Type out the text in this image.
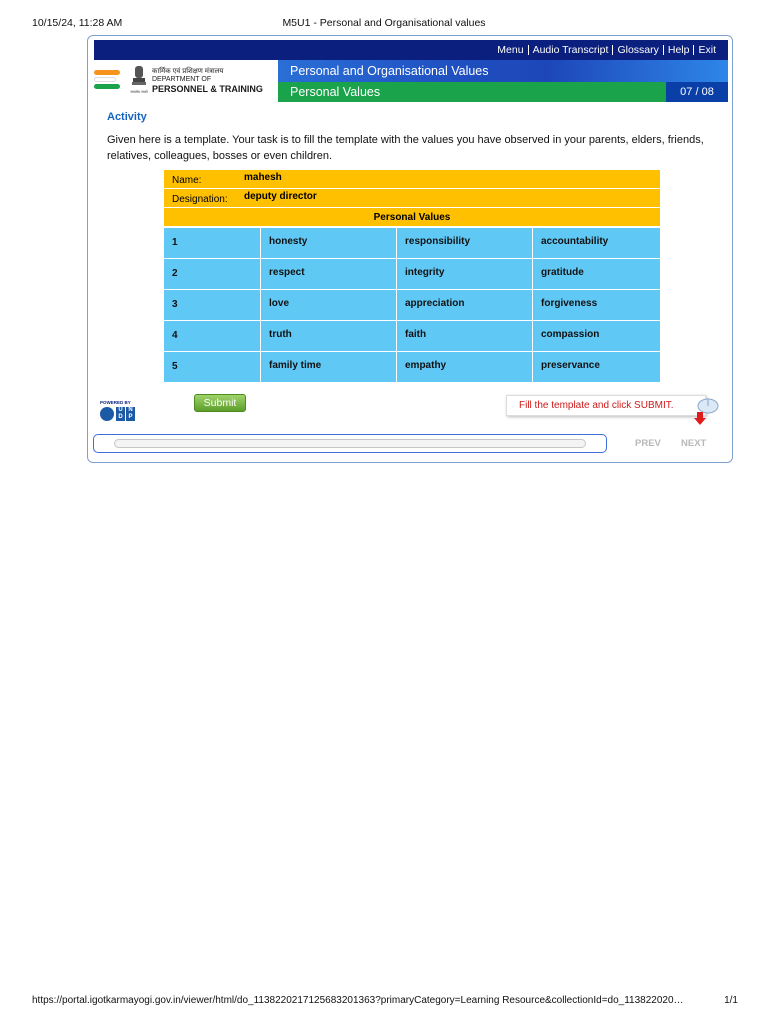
10/15/24, 11:28 AM	M5U1 - Personal and Organisational values
Menu Audio Transcript Glossary Help Exit
सत्यमेव जयते
कार्मिक एवं प्रशिक्षण मंत्रालय
DEPARTMENT OF
PERSONNEL & TRAINING
Personal and Organisational Values
Personal Values	07 / 08
Activity
Given here is a template. Your task is to fill the template with the values you have observed in your parents, elders, friends, relatives, colleagues, bosses or even children.
Name:	mahesh
Designation: deputy director
Personal Values
1	honesty	responsibility	accountability
2	respect	integrity	gratitude
3	love	appreciation	forgiveness
4	truth	faith	compassion
5	family time	empathy	preservance
POWERED BY
U ND P
Submit	Fill the template and click SUBMIT.
PREV NEXT
https://portal.igotkarmayogi.gov.in/viewer/html/do_1138220217125683201363?primaryCategory=Learning Resource&collectionId=do_113822020…	1/1
